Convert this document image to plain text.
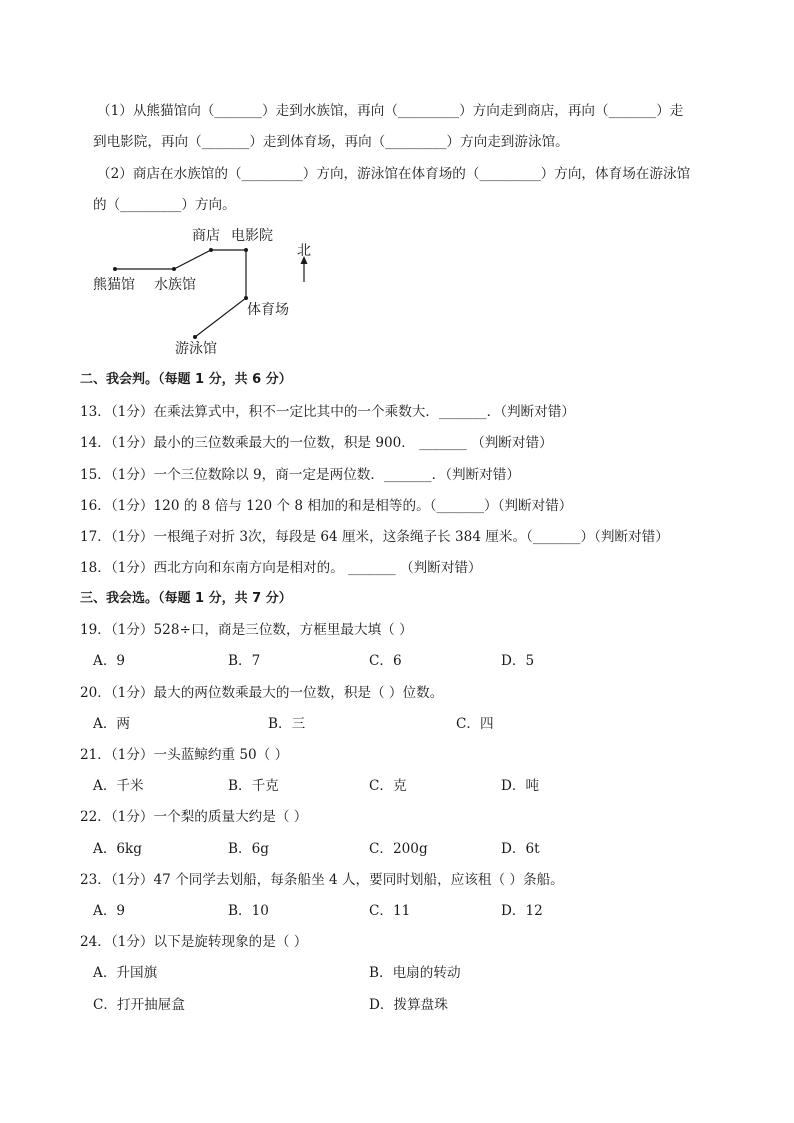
（1）从熊猫馆向（_______）走到水族馆，再向（_________）方向走到商店，再向（_______）走
到电影院，再向（_______）走到体育场，再向（_________）方向走到游泳馆。
（2）商店在水族馆的（_________）方向，游泳馆在体育场的（_________）方向，体育场在游泳馆
的（_________）方向。
熊猫馆 水族馆
商店 电影院
体育场
游泳馆
北
二、我会判。（每题 1 分，共 6 分）
13．（1分）在乘法算式中，积不一定比其中的一个乘数大．_______．（判断对错）
14．（1分）最小的三位数乘最大的一位数，积是 900． _______ （判断对错）
15．（1分）一个三位数除以 9，商一定是两位数．_______．（判断对错）
16．（1分）120 的 8 倍与 120 个 8 相加的和是相等的。（_______）（判断对错）
17．（1分）一根绳子对折 3次，每段是 64 厘米，这条绳子长 384 厘米。（_______）（判断对错）
18．（1分）西北方向和东南方向是相对的。 _______ （判断对错）
三、我会选。（每题 1 分，共 7 分）
19．（1分）528÷口，商是三位数，方框里最大填（ ）
A．9	B．7	C．6	D．5
20．（1分）最大的两位数乘最大的一位数，积是（ ）位数。
A．两	B．三	C．四
21．（1分）一头蓝鲸约重 50（ ）
A．千米	B．千克	C．克	D．吨
22．（1分）一个梨的质量大约是（ ）
A．6kg	B．6g	C．200g	D．6t
23．（1分）47 个同学去划船，每条船坐 4 人，要同时划船，应该租（ ）条船。
A．9	B．10	C．11	D．12
24．（1分）以下是旋转现象的是（ ）
A．升国旗	B．电扇的转动
C．打开抽屉盒	D．拨算盘珠
